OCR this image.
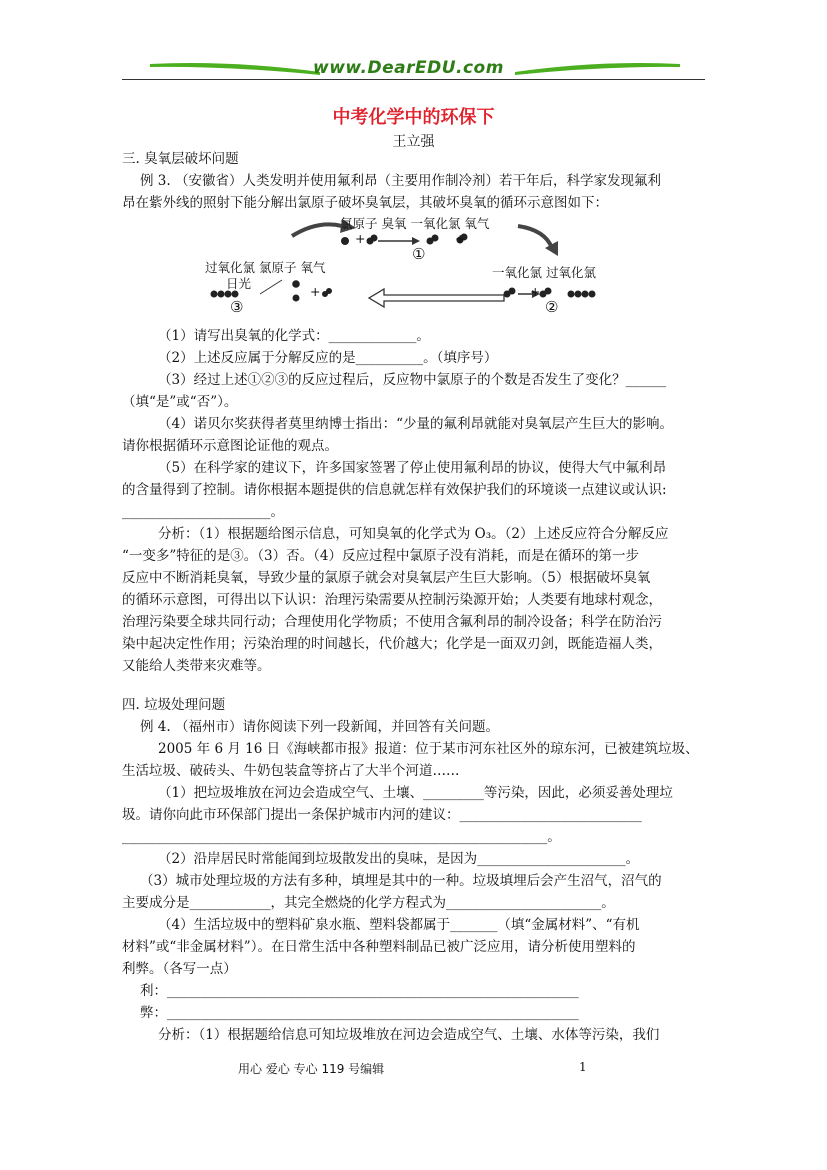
www.DearEDU.com
中考化学中的环保下
王立强
三. 臭氧层破坏问题
例 3. （安徽省）人类发明并使用氟利昂（主要用作制冷剂）若干年后，科学家发现氟利
昂在紫外线的照射下能分解出氯原子破坏臭氧层，其破坏臭氧的循环示意图如下：
氯原子 臭氧 一氧化氯 氧气
+	+
①
过氧化氯 氯原子 氧气
日光
+
③
一氧化氯 过氧化氯
+
②
（1）请写出臭氧的化学式：_____________。
（2）上述反应属于分解反应的是__________。（填序号）
（3）经过上述①②③的反应过程后，反应物中氯原子的个数是否发生了变化？______
（填“是”或“否”）。
（4）诺贝尔奖获得者莫里纳博士指出：“少量的氟利昂就能对臭氧层产生巨大的影响。
请你根据循环示意图论证他的观点。
（5）在科学家的建议下，许多国家签署了停止使用氟利昂的协议，使得大气中氟利昂
的含量得到了控制。请你根据本题提供的信息就怎样有效保护我们的环境谈一点建议或认识:
______________________。
分析：（1）根据题给图示信息，可知臭氧的化学式为 O₃。（2）上述反应符合分解反应
“一变多”特征的是③。（3）否。（4）反应过程中氯原子没有消耗，而是在循环的第一步
反应中不断消耗臭氧，导致少量的氯原子就会对臭氧层产生巨大影响。（5）根据破坏臭氧
的循环示意图，可得出以下认识：治理污染需要从控制污染源开始；人类要有地球村观念，
治理污染要全球共同行动；合理使用化学物质；不使用含氟利昂的制冷设备；科学在防治污
染中起决定性作用；污染治理的时间越长，代价越大；化学是一面双刃剑，既能造福人类，
又能给人类带来灾难等。
四. 垃圾处理问题
例 4. （福州市）请你阅读下列一段新闻，并回答有关问题。
2005 年 6 月 16 日《海峡都市报》报道：位于某市河东社区外的琼东河，已被建筑垃圾、
生活垃圾、破砖头、牛奶包装盒等挤占了大半个河道……
（1）把垃圾堆放在河边会造成空气、土壤、_________等污染，因此，必须妥善处理垃
圾。请你向此市环保部门提出一条保护城市内河的建议：___________________________
_______________________________________________________________。
（2）沿岸居民时常能闻到垃圾散发出的臭味，是因为______________________。
（3）城市处理垃圾的方法有多种，填埋是其中的一种。垃圾填埋后会产生沼气，沼气的
主要成分是____________，其完全燃烧的化学方程式为_______________________。
（4）生活垃圾中的塑料矿泉水瓶、塑料袋都属于_______（填“金属材料”、“有机
材料”或“非金属材料”）。在日常生活中各种塑料制品已被广泛应用，请分析使用塑料的
利弊。（各写一点）
利：_____________________________________________________________
弊：_____________________________________________________________
分析：（1）根据题给信息可知垃圾堆放在河边会造成空气、土壤、水体等污染，我们
用心 爱心 专心 119 号编辑	1
